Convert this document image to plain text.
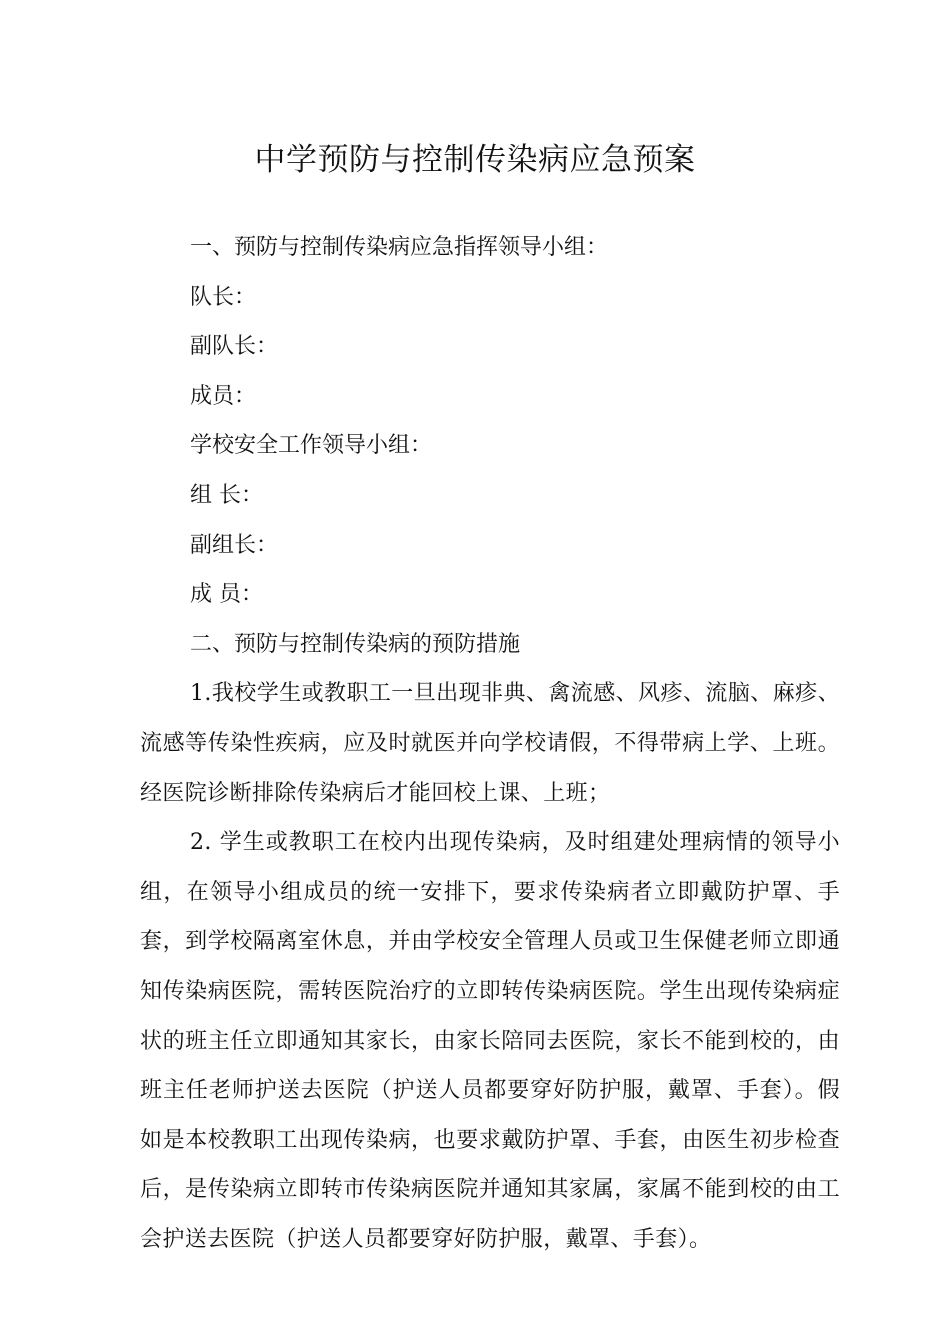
中学预防与控制传染病应急预案

一、预防与控制传染病应急指挥领导小组：

队长：

副队长：

成员：

学校安全工作领导小组：

组 长：

副组长：

成 员：

二、预防与控制传染病的预防措施

1.我校学生或教职工一旦出现非典、禽流感、风疹、流脑、麻疹、流感等传染性疾病，应及时就医并向学校请假，不得带病上学、上班。经医院诊断排除传染病后才能回校上课、上班；

2. 学生或教职工在校内出现传染病，及时组建处理病情的领导小组，在领导小组成员的统一安排下，要求传染病者立即戴防护罩、手套，到学校隔离室休息，并由学校安全管理人员或卫生保健老师立即通知传染病医院，需转医院治疗的立即转传染病医院。学生出现传染病症状的班主任立即通知其家长，由家长陪同去医院，家长不能到校的，由班主任老师护送去医院（护送人员都要穿好防护服，戴罩、手套）。假如是本校教职工出现传染病，也要求戴防护罩、手套，由医生初步检查后，是传染病立即转市传染病医院并通知其家属，家属不能到校的由工会护送去医院（护送人员都要穿好防护服，戴罩、手套）。
